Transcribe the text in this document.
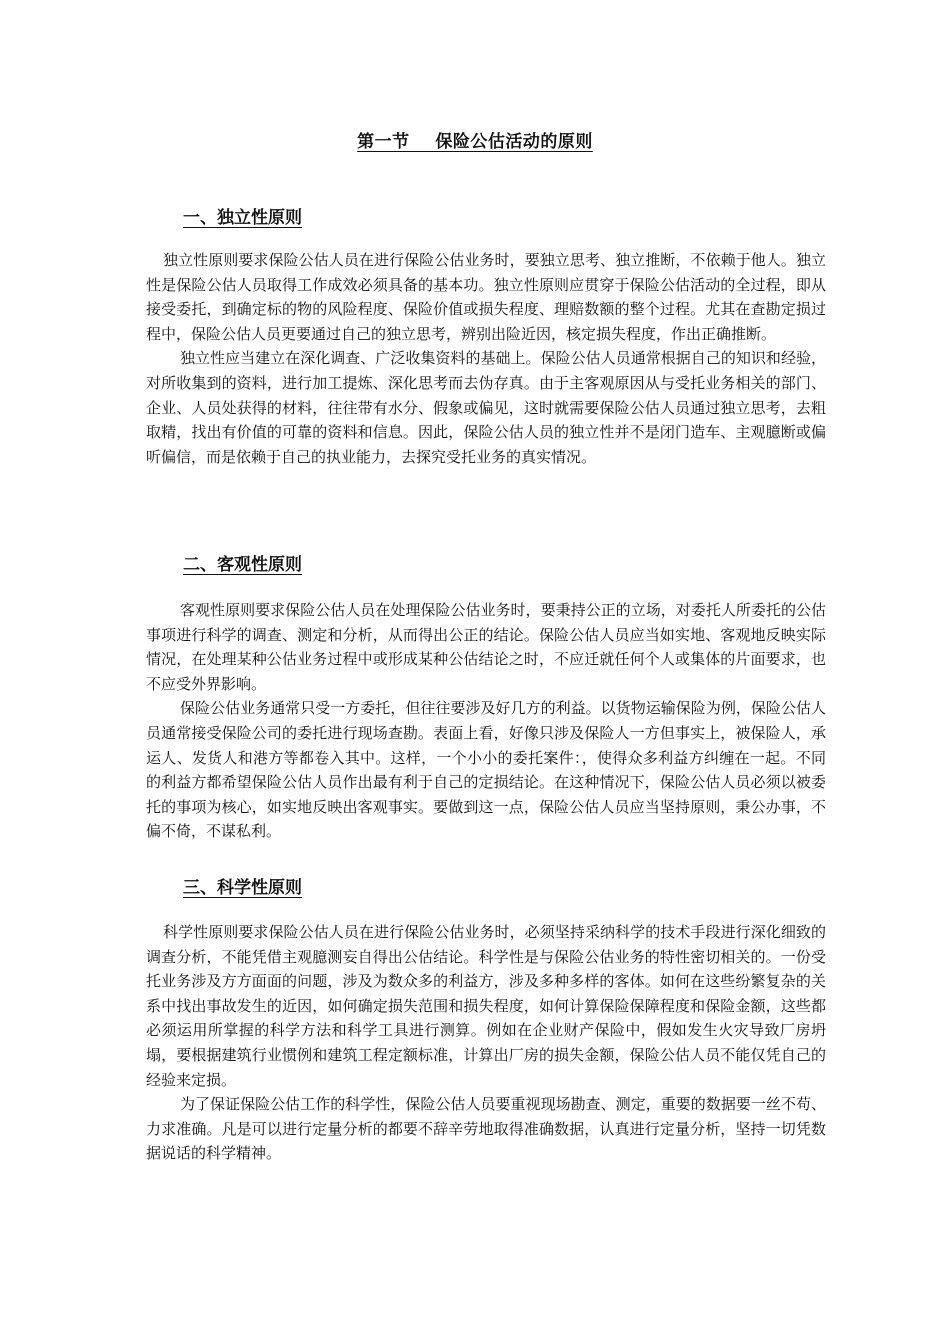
第一节    保险公估活动的原则
一、独立性原则

独立性原则要求保险公估人员在进行保险公估业务时，要独立思考、独立推断，不依赖于他人。独立性是保险公估人员取得工作成效必须具备的基本功。独立性原则应贯穿于保险公估活动的全过程，即从接受委托，到确定标的物的风险程度、保险价值或损失程度、理赔数额的整个过程。尤其在查勘定损过程中，保险公估人员更要通过自己的独立思考，辨别出险近因，核定损失程度，作出正确推断。

独立性应当建立在深化调查、广泛收集资料的基础上。保险公估人员通常根据自己的知识和经验，对所收集到的资料，进行加工提炼、深化思考而去伪存真。由于主客观原因从与受托业务相关的部门、企业、人员处获得的材料，往往带有水分、假象或偏见，这时就需要保险公估人员通过独立思考，去粗取精，找出有价值的可靠的资料和信息。因此，保险公估人员的独立性并不是闭门造车、主观臆断或偏听偏信，而是依赖于自己的执业能力，去探究受托业务的真实情况。

二、客观性原则

客观性原则要求保险公估人员在处理保险公估业务时，要秉持公正的立场，对委托人所委托的公估事项进行科学的调查、测定和分析，从而得出公正的结论。保险公估人员应当如实地、客观地反映实际情况，在处理某种公估业务过程中或形成某种公估结论之时，不应迁就任何个人或集体的片面要求，也不应受外界影响。

保险公估业务通常只受一方委托，但往往要涉及好几方的利益。以货物运输保险为例，保险公估人员通常接受保险公司的委托进行现场查勘。表面上看，好像只涉及保险人一方但事实上，被保险人，承运人、发货人和港方等都卷入其中。这样，一个小小的委托案件：，使得众多利益方纠缠在一起。不同的利益方都希望保险公估人员作出最有利于自己的定损结论。在这种情况下，保险公估人员必须以被委托的事项为核心，如实地反映出客观事实。要做到这一点，保险公估人员应当坚持原则，秉公办事，不偏不倚，不谋私利。

三、科学性原则

科学性原则要求保险公估人员在进行保险公估业务时，必须坚持采纳科学的技术手段进行深化细致的调查分析，不能凭借主观臆测妄自得出公估结论。科学性是与保险公估业务的特性密切相关的。一份受托业务涉及方方面面的问题，涉及为数众多的利益方，涉及多种多样的客体。如何在这些纷繁复杂的关系中找出事故发生的近因，如何确定损失范围和损失程度，如何计算保险保障程度和保险金额，这些都必须运用所掌握的科学方法和科学工具进行测算。例如在企业财产保险中，假如发生火灾导致厂房坍塌，要根据建筑行业惯例和建筑工程定额标准，计算出厂房的损失金额，保险公估人员不能仅凭自己的经验来定损。

为了保证保险公估工作的科学性，保险公估人员要重视现场勘查、测定，重要的数据要一丝不苟、力求准确。凡是可以进行定量分析的都要不辞辛劳地取得准确数据，认真进行定量分析，坚持一切凭数据说话的科学精神。
